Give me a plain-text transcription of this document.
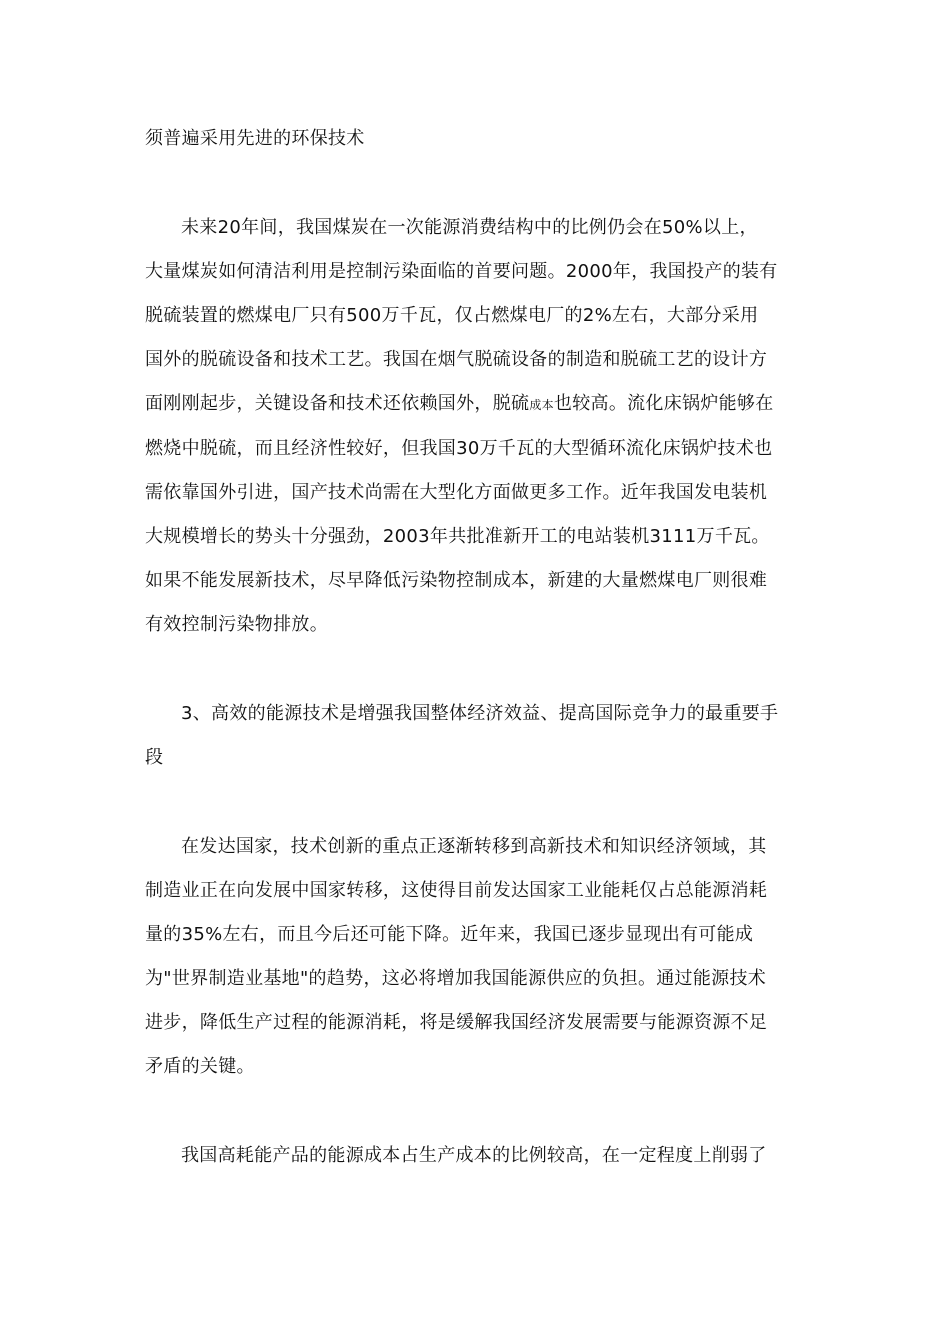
须普遍采用先进的环保技术
未来20年间，我国煤炭在一次能源消费结构中的比例仍会在50%以上，
大量煤炭如何清洁利用是控制污染面临的首要问题。2000年，我国投产的装有
脱硫装置的燃煤电厂只有500万千瓦，仅占燃煤电厂的2%左右，大部分采用
国外的脱硫设备和技术工艺。我国在烟气脱硫设备的制造和脱硫工艺的设计方
面刚刚起步，关键设备和技术还依赖国外，脱硫成本也较高。流化床锅炉能够在
燃烧中脱硫，而且经济性较好，但我国30万千瓦的大型循环流化床锅炉技术也
需依靠国外引进，国产技术尚需在大型化方面做更多工作。近年我国发电装机
大规模增长的势头十分强劲，2003年共批准新开工的电站装机3111万千瓦。
如果不能发展新技术，尽早降低污染物控制成本，新建的大量燃煤电厂则很难
有效控制污染物排放。
3、高效的能源技术是增强我国整体经济效益、提高国际竞争力的最重要手
段
在发达国家，技术创新的重点正逐渐转移到高新技术和知识经济领域，其
制造业正在向发展中国家转移，这使得目前发达国家工业能耗仅占总能源消耗
量的35%左右，而且今后还可能下降。近年来，我国已逐步显现出有可能成
为"世界制造业基地"的趋势，这必将增加我国能源供应的负担。通过能源技术
进步，降低生产过程的能源消耗，将是缓解我国经济发展需要与能源资源不足
矛盾的关键。
我国高耗能产品的能源成本占生产成本的比例较高，在一定程度上削弱了
